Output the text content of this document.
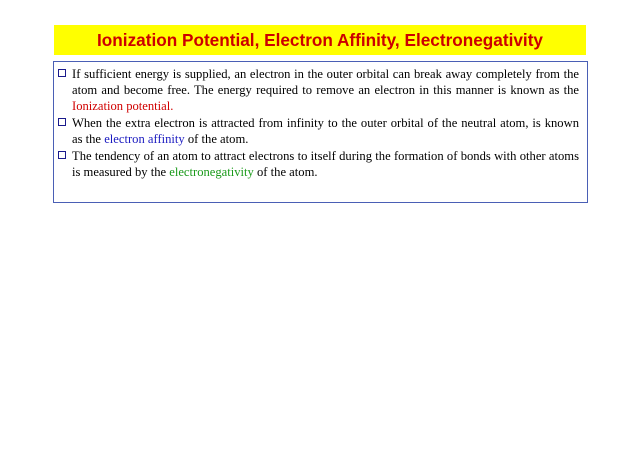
Ionization Potential, Electron Affinity, Electronegativity

If sufficient energy is supplied, an electron in the outer orbital can break away completely from the atom and become free. The energy required to remove an electron in this manner is known as the Ionization potential.

When the extra electron is attracted from infinity to the outer orbital of the neutral atom, is known as the electron affinity of the atom.

The tendency of an atom to attract electrons to itself during the formation of bonds with other atoms is measured by the electronegativity of the atom.
